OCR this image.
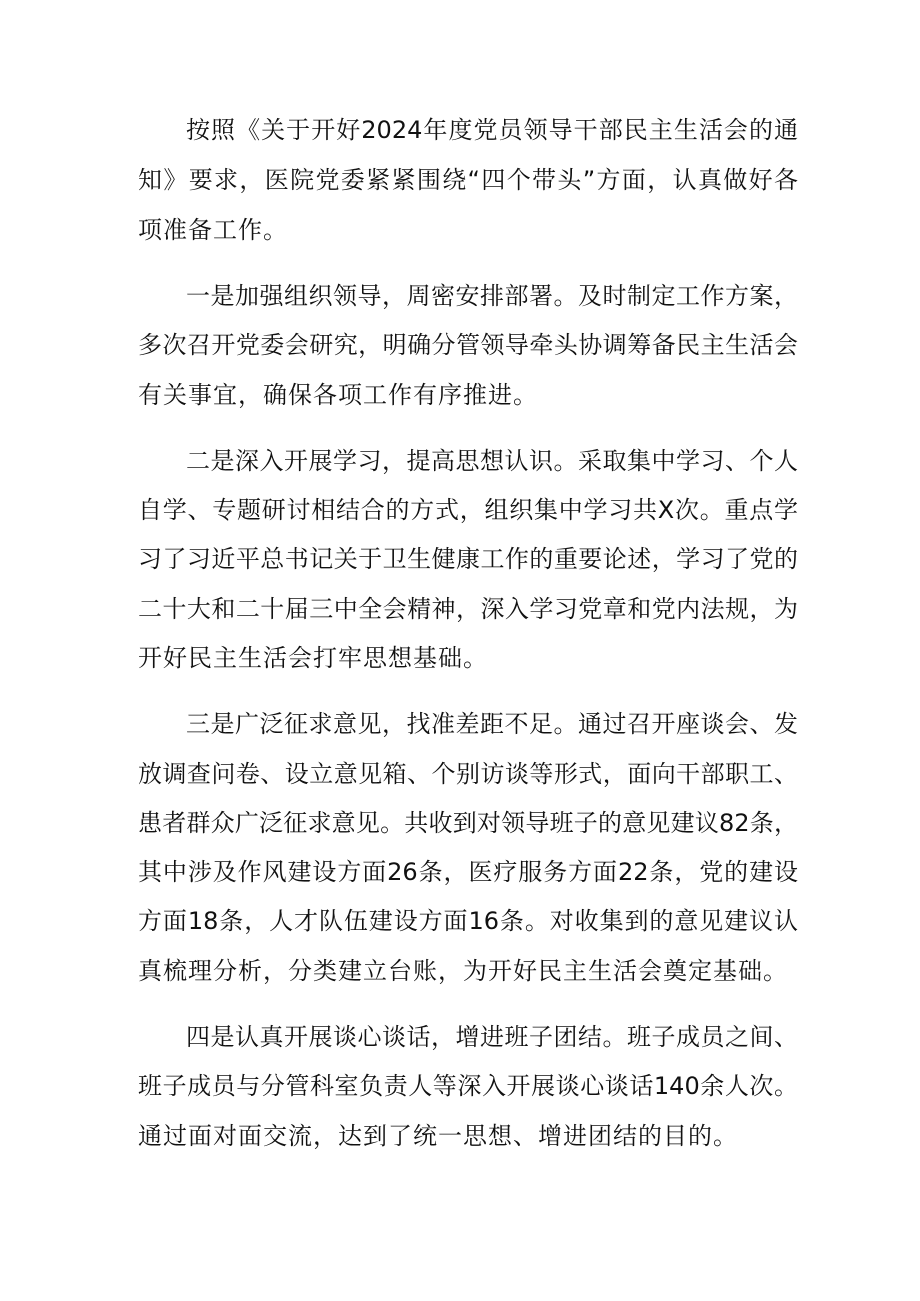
按照《关于开好2024年度党员领导干部民主生活会的通

知》要求，医院党委紧紧围绕“四个带头”方面，认真做好各

项准备工作。

一是加强组织领导，周密安排部署。及时制定工作方案，

多次召开党委会研究，明确分管领导牵头协调筹备民主生活会

有关事宜，确保各项工作有序推进。

二是深入开展学习，提高思想认识。采取集中学习、个人

自学、专题研讨相结合的方式，组织集中学习共X次。重点学

习了习近平总书记关于卫生健康工作的重要论述，学习了党的

二十大和二十届三中全会精神，深入学习党章和党内法规，为

开好民主生活会打牢思想基础。

三是广泛征求意见，找准差距不足。通过召开座谈会、发

放调查问卷、设立意见箱、个别访谈等形式，面向干部职工、

患者群众广泛征求意见。共收到对领导班子的意见建议82条，

其中涉及作风建设方面26条，医疗服务方面22条，党的建设

方面18条，人才队伍建设方面16条。对收集到的意见建议认

真梳理分析，分类建立台账，为开好民主生活会奠定基础。

四是认真开展谈心谈话，增进班子团结。班子成员之间、

班子成员与分管科室负责人等深入开展谈心谈话140余人次。

通过面对面交流，达到了统一思想、增进团结的目的。
